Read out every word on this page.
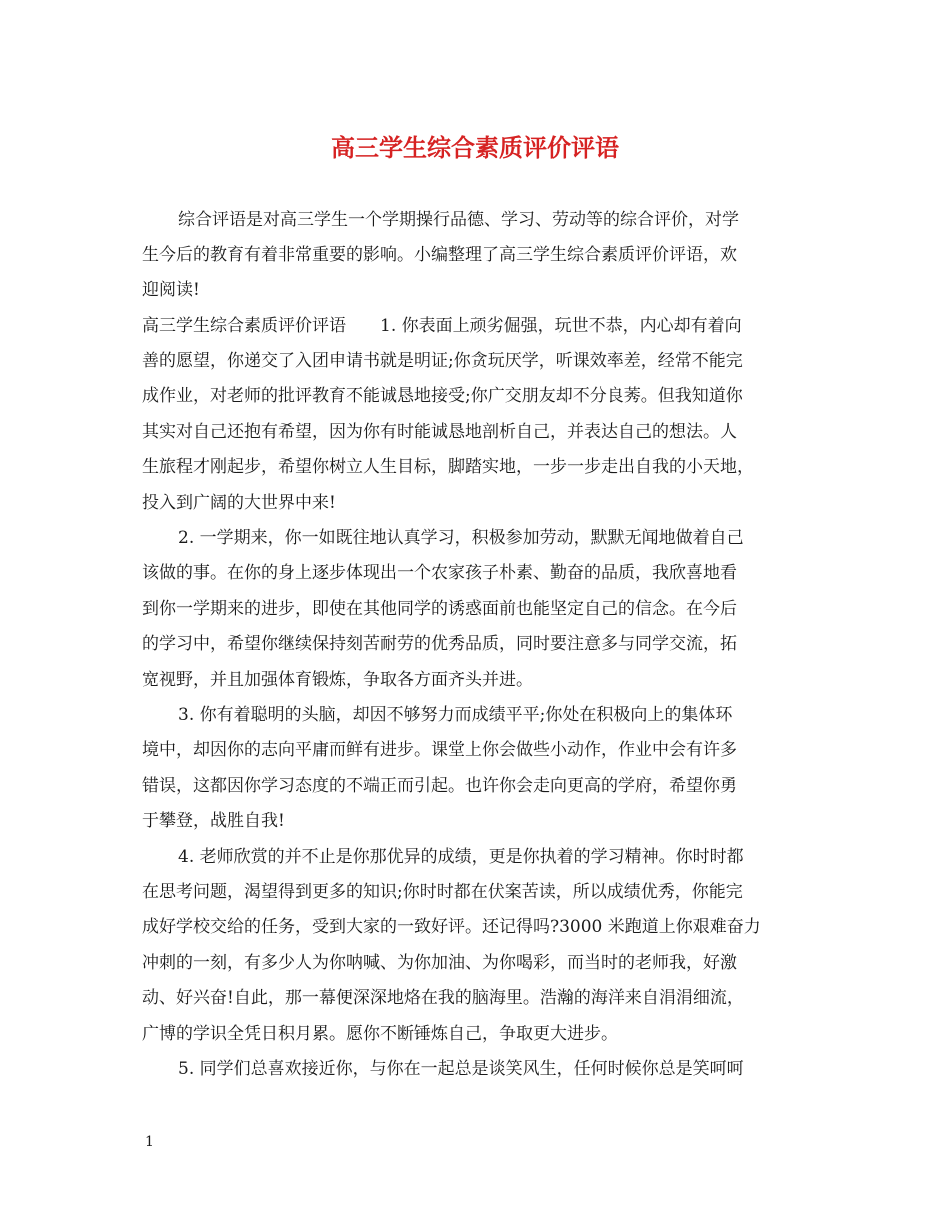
高三学生综合素质评价评语

综合评语是对高三学生一个学期操行品德、学习、劳动等的综合评价，对学

生今后的教育有着非常重要的影响。小编整理了高三学生综合素质评价评语，欢

迎阅读!

高三学生综合素质评价评语　　1. 你表面上顽劣倔强，玩世不恭，内心却有着向

善的愿望，你递交了入团申请书就是明证;你贪玩厌学，听课效率差，经常不能完

成作业，对老师的批评教育不能诚恳地接受;你广交朋友却不分良莠。但我知道你

其实对自己还抱有希望，因为你有时能诚恳地剖析自己，并表达自己的想法。人

生旅程才刚起步，希望你树立人生目标，脚踏实地，一步一步走出自我的小天地，

投入到广阔的大世界中来!

2. 一学期来，你一如既往地认真学习，积极参加劳动，默默无闻地做着自己

该做的事。在你的身上逐步体现出一个农家孩子朴素、勤奋的品质，我欣喜地看

到你一学期来的进步，即使在其他同学的诱惑面前也能坚定自己的信念。在今后

的学习中，希望你继续保持刻苦耐劳的优秀品质，同时要注意多与同学交流，拓

宽视野，并且加强体育锻炼，争取各方面齐头并进。

3. 你有着聪明的头脑，却因不够努力而成绩平平;你处在积极向上的集体环

境中，却因你的志向平庸而鲜有进步。课堂上你会做些小动作，作业中会有许多

错误，这都因你学习态度的不端正而引起。也许你会走向更高的学府，希望你勇

于攀登，战胜自我!

4. 老师欣赏的并不止是你那优异的成绩，更是你执着的学习精神。你时时都

在思考问题，渴望得到更多的知识;你时时都在伏案苦读，所以成绩优秀，你能完

成好学校交给的任务，受到大家的一致好评。还记得吗?3000 米跑道上你艰难奋力

冲刺的一刻，有多少人为你呐喊、为你加油、为你喝彩，而当时的老师我，好激

动、好兴奋!自此，那一幕便深深地烙在我的脑海里。浩瀚的海洋来自涓涓细流，

广博的学识全凭日积月累。愿你不断锤炼自己，争取更大进步。

5. 同学们总喜欢接近你，与你在一起总是谈笑风生，任何时候你总是笑呵呵

1
